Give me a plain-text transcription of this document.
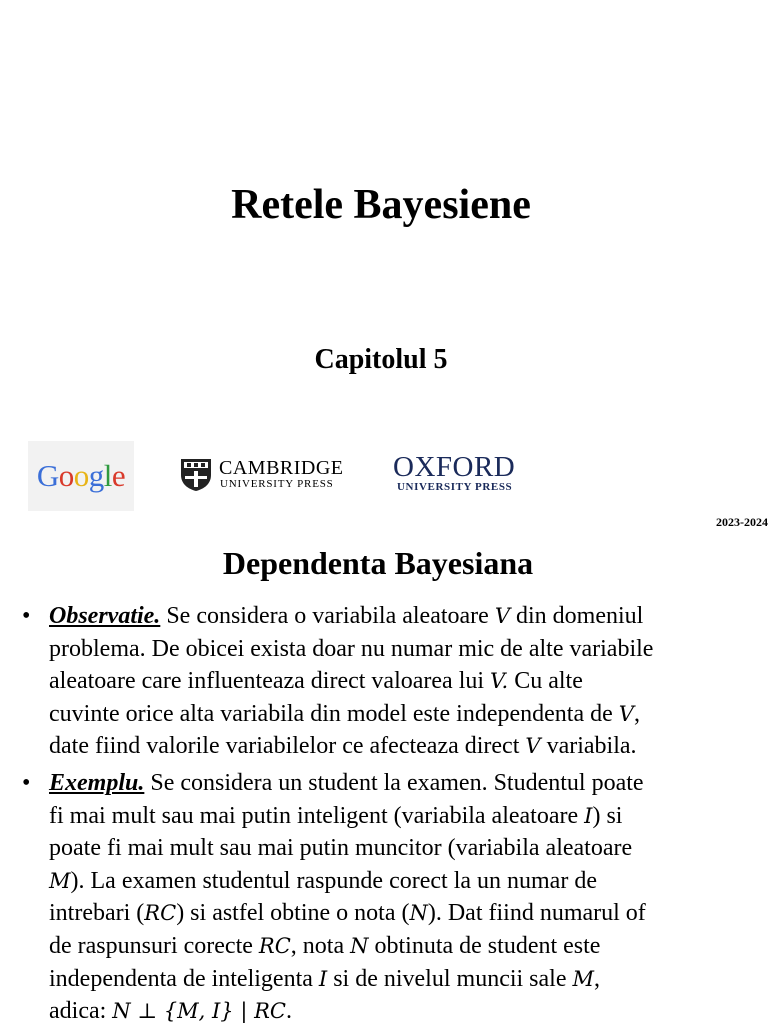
Retele Bayesiene
Capitolul 5
Google	CAMBRIDGE
UNIVERSITY PRESS
OXFORD
UNIVERSITY PRESS
2023-2024
Dependenta Bayesiana
• Observatie. Se considera o variabila aleatoare V din domeniul
problema. De obicei exista doar nu numar mic de alte variabile
aleatoare care influenteaza direct valoarea lui V. Cu alte
cuvinte orice alta variabila din model este independenta de V,
date fiind valorile variabilelor ce afecteaza direct V variabila.
• Exemplu. Se considera un student la examen. Studentul poate
fi mai mult sau mai putin inteligent (variabila aleatoare I) si
poate fi mai mult sau mai putin muncitor (variabila aleatoare
M). La examen studentul raspunde corect la un numar de
intrebari (RC) si astfel obtine o nota (N). Dat fiind numarul of
de raspunsuri corecte RC, nota N obtinuta de student este
independenta de inteligenta I si de nivelul muncii sale M,
adica: N ⊥ {M, I} | RC.
